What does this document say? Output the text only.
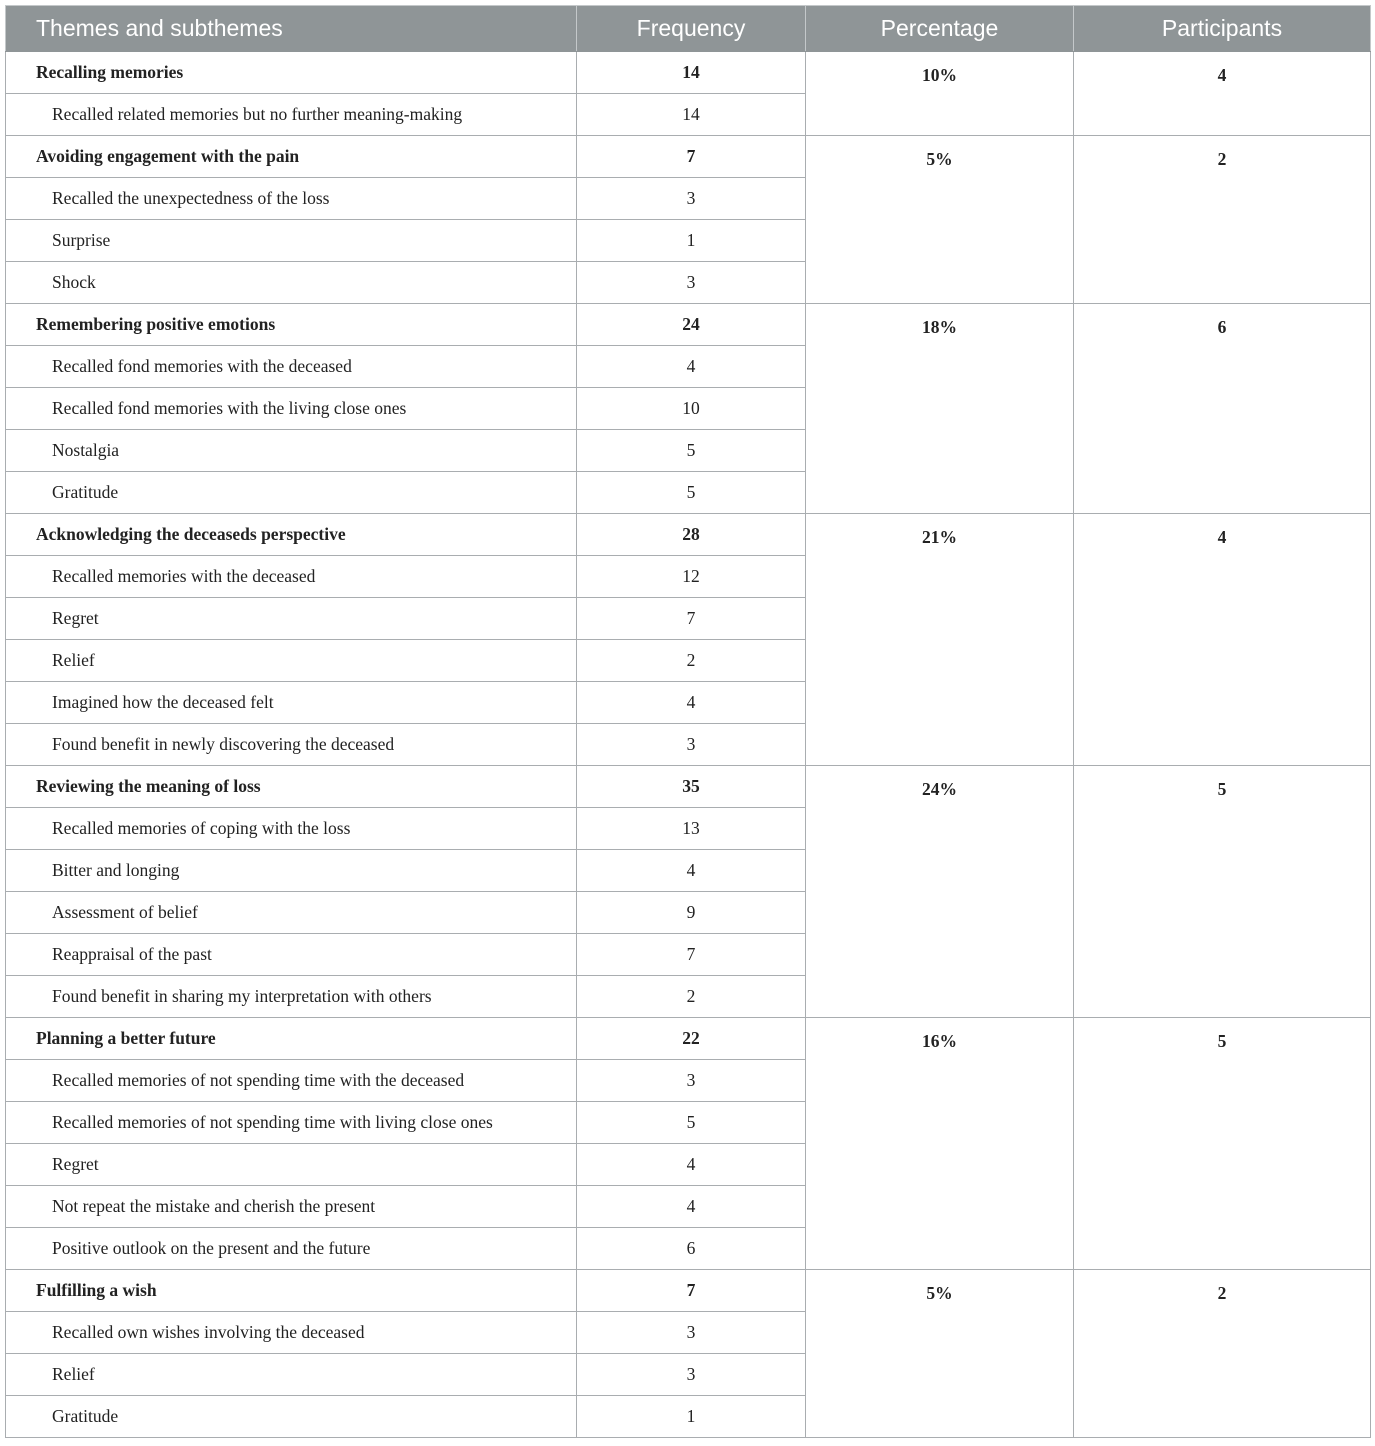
Themes and subthemes	Frequency	Percentage	Participants
Recalling memories	14	10%	4
Recalled related memories but no further meaning-making	14		
Avoiding engagement with the pain	7	5%	2
Recalled the unexpectedness of the loss	3		
Surprise	1		
Shock	3		
Remembering positive emotions	24	18%	6
Recalled fond memories with the deceased	4		
Recalled fond memories with the living close ones	10		
Nostalgia	5		
Gratitude	5		
Acknowledging the deceaseds perspective	28	21%	4
Recalled memories with the deceased	12		
Regret	7		
Relief	2		
Imagined how the deceased felt	4		
Found benefit in newly discovering the deceased	3		
Reviewing the meaning of loss	35	24%	5
Recalled memories of coping with the loss	13		
Bitter and longing	4		
Assessment of belief	9		
Reappraisal of the past	7		
Found benefit in sharing my interpretation with others	2		
Planning a better future	22	16%	5
Recalled memories of not spending time with the deceased	3		
Recalled memories of not spending time with living close ones	5		
Regret	4		
Not repeat the mistake and cherish the present	4		
Positive outlook on the present and the future	6		
Fulfilling a wish	7	5%	2
Recalled own wishes involving the deceased	3		
Relief	3		
Gratitude	1		
